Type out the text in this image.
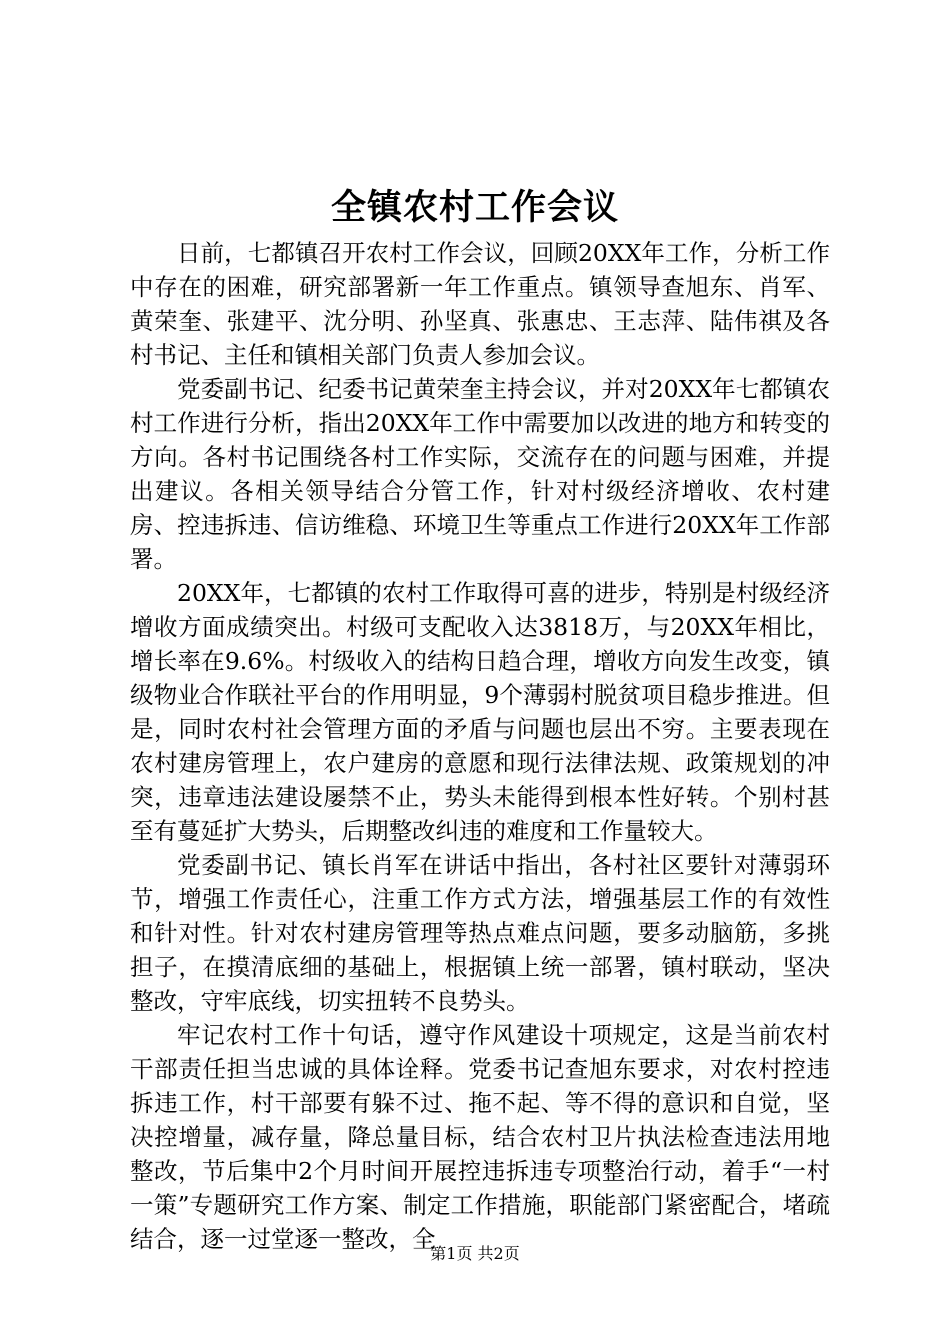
全镇农村工作会议

日前，七都镇召开农村工作会议，回顾20XX年工作，分析工作中存在的困难，研究部署新一年工作重点。镇领导查旭东、肖军、黄荣奎、张建平、沈分明、孙坚真、张惠忠、王志萍、陆伟祺及各村书记、主任和镇相关部门负责人参加会议。

党委副书记、纪委书记黄荣奎主持会议，并对20XX年七都镇农村工作进行分析，指出20XX年工作中需要加以改进的地方和转变的方向。各村书记围绕各村工作实际，交流存在的问题与困难，并提出建议。各相关领导结合分管工作，针对村级经济增收、农村建房、控违拆违、信访维稳、环境卫生等重点工作进行20XX年工作部署。

20XX年，七都镇的农村工作取得可喜的进步，特别是村级经济增收方面成绩突出。村级可支配收入达3818万，与20XX年相比，增长率在9.6%。村级收入的结构日趋合理，增收方向发生改变，镇级物业合作联社平台的作用明显，9个薄弱村脱贫项目稳步推进。但是，同时农村社会管理方面的矛盾与问题也层出不穷。主要表现在农村建房管理上，农户建房的意愿和现行法律法规、政策规划的冲突，违章违法建设屡禁不止，势头未能得到根本性好转。个别村甚至有蔓延扩大势头，后期整改纠违的难度和工作量较大。

党委副书记、镇长肖军在讲话中指出，各村社区要针对薄弱环节，增强工作责任心，注重工作方式方法，增强基层工作的有效性和针对性。针对农村建房管理等热点难点问题，要多动脑筋，多挑担子，在摸清底细的基础上，根据镇上统一部署，镇村联动，坚决整改，守牢底线，切实扭转不良势头。

牢记农村工作十句话，遵守作风建设十项规定，这是当前农村干部责任担当忠诚的具体诠释。党委书记查旭东要求，对农村控违拆违工作，村干部要有躲不过、拖不起、等不得的意识和自觉，坚决控增量，减存量，降总量目标，结合农村卫片执法检查违法用地整改，节后集中2个月时间开展控违拆违专项整治行动，着手“一村一策”专题研究工作方案、制定工作措施，职能部门紧密配合，堵疏结合，逐一过堂逐一整改，全

第1页 共2页
